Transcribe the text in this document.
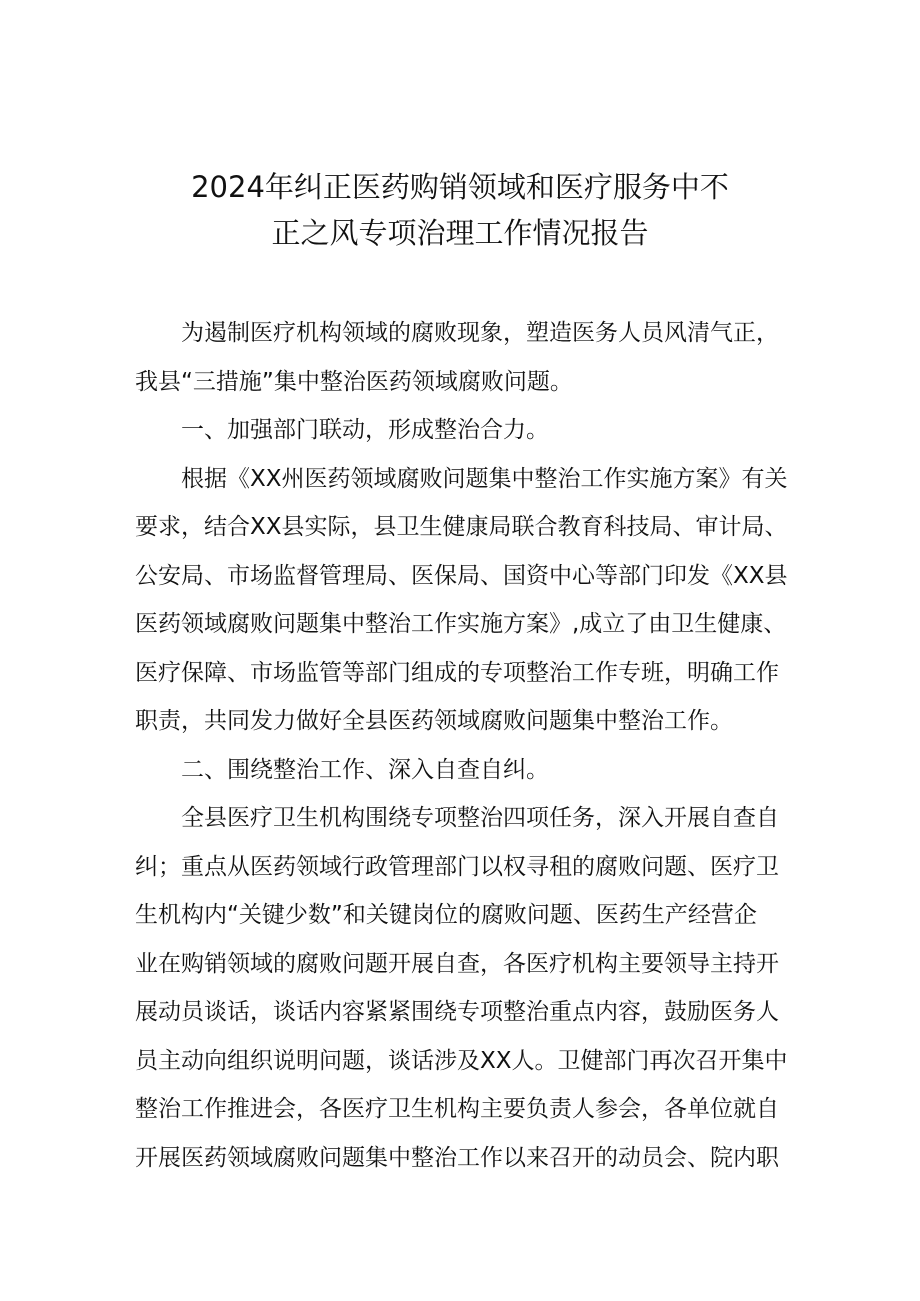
2024年纠正医药购销领域和医疗服务中不
正之风专项治理工作情况报告
为遏制医疗机构领域的腐败现象，塑造医务人员风清气正，
我县“三措施”集中整治医药领域腐败问题。
一、加强部门联动，形成整治合力。
根据《XX州医药领域腐败问题集中整治工作实施方案》有关
要求，结合XX县实际，县卫生健康局联合教育科技局、审计局、
公安局、市场监督管理局、医保局、国资中心等部门印发《XX县
医药领域腐败问题集中整治工作实施方案》,成立了由卫生健康、
医疗保障、市场监管等部门组成的专项整治工作专班，明确工作
职责，共同发力做好全县医药领域腐败问题集中整治工作。
二、围绕整治工作、深入自查自纠。
全县医疗卫生机构围绕专项整治四项任务，深入开展自查自
纠；重点从医药领域行政管理部门以权寻租的腐败问题、医疗卫
生机构内“关键少数”和关键岗位的腐败问题、医药生产经营企
业在购销领域的腐败问题开展自查，各医疗机构主要领导主持开
展动员谈话，谈话内容紧紧围绕专项整治重点内容，鼓励医务人
员主动向组织说明问题，谈话涉及XX人。卫健部门再次召开集中
整治工作推进会，各医疗卫生机构主要负责人参会，各单位就自
开展医药领域腐败问题集中整治工作以来召开的动员会、院内职
